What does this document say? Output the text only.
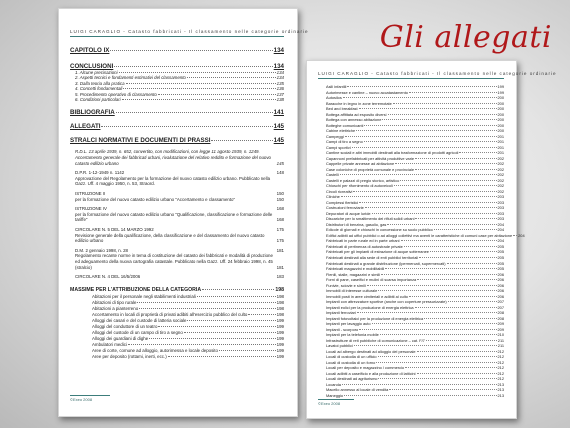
Gli allegati
LUIGI CARAGLIO - Catasto fabbricati - Il classamento nelle categorie ordinarie
CAPITOLO IX	134
CONCLUSIONI	134
1. Alcune precisazioni	134
2. Aspetti tecnici e fondamenti estimativi del classamento	134
3. Dalla teoria alla pratica	135
4. Concetti fondamentali	136
5. Procedimento operativo di classamento	137
6. Condizioni particolari	138
BIBLIOGRAFIA	141
ALLEGATI	145
STRALCI NORMATIVI E DOCUMENTI DI PRASSI	145
R.D.L. 13 aprile 1939, n. 652, convertito, con modificazioni, con legge 11 agosto 1939, n. 1249. Accertamento generale dei fabbricati urbani, rivalutazione del relativo reddito e formazione del nuovo catasto edilizio urbano	145
D.P.R. 1-12-1949 n. 1142	148
Approvazione del Regolamento per la formazione del nuovo catasto edilizio urbano. Pubblicato nella Gazz. Uff. 4 maggio 1950, n. 53, Straord.
ISTRUZIONE II	150
per la formazione del nuovo catasto edilizio urbano "Accertamento e classamento"	150
ISTRUZIONE IV	168
per la formazione del nuovo catasto edilizio urbano "Qualificazione, classificazione e formazione delle tariffe"	168
CIRCOLARE N. 5 DEL 14 MARZO 1992	175
Revisione generale della qualificazione, della classificazione e del classamento del nuovo catasto edilizio urbano	175
D.M. 2 gennaio 1998, n. 28	181
Regolamento recante norme in tema di costituzione del catasto dei fabbricati e modalità di produzione ed adeguamento della nuova cartografia catastale. Pubblicato nella Gazz. Uff. 24 febbraio 1998, n. 45 (stralcio)	181
CIRCOLARE N. 4 DEL 16/5/2006	183
MASSIME PER L'ATTRIBUZIONE DELLA CATEGORIA	198
Abitazioni per il personale negli stabilimenti industriali	198
Abitazioni di tipo rurale	198
Abitazioni a pianterreno	198
Accertamento in locali di proprietà di privati adibiti all'esercizio pubblico del culto	198
Alloggi dei casari e del custode di latteria sociale	199
Alloggi del conduttore di un teatro	199
Alloggi del custode di un campo di tiro a segno	199
Alloggi dei guardiani di dighe	199
Ambulatori medici	199
Aree di corte, comune ad alloggio, autorimessa e locale deposito	199
Aree per deposito (rottami, inerti, ecc.)	199
©Exeo 2008
LUIGI CARAGLIO - Catasto fabbricati - Il classamento nelle categorie ordinarie
Asili infantili	199
Autorimesse e cantine – nuovo accatastamento	199
Autosilos	200
Baracche in legno in zone terremotate	200
Bed and breakfast	200
Bottega affittata ad esposito diversi	200
Bottega con annesso abitazione	200
Botteghe comunicanti	200
Cabine elettriche	200
Campeggi	201
Campi di tiro a segno	201
Campi sportivi	201
Cantine sociali e altri immobili destinati alla trasformazione di prodotti agricoli	201
Capannoni prefabbricati per attività produttive varie	202
Cappelle private annesse ad abitazione	202
Case coloniche di proprietà comunale e provinciale	202
Castelli	202
Castelli e palazzi di pregio storico, artistico	202
Chioschi per rifornimento di autoveicoli	202
Circoli ricreativi	202
Cliniche	203
Complessi fieristici	203
Costruzioni ferroviarie	203
Depuratori di acque luride	203
Discariche per lo smaltimento dei rifiuti solidi urbani	203
Distributori di benzina, gasolio, gas	204
Edicole di giornali e chioschi in concessione su suolo pubblico	204
Edifici adibiti ad uffici pubblici o ad alloggi collettivi ma aventi le caratteristiche di comuni case per abitazione 204
Fabbricati in parte rurale ed in parte urbani	204
Fabbricati di pertinenza di autostrade private	205
Fabbricati per gli impianti di estrazione di acque sotterranee	205
Fabbricati destinati alla sede di enti pubblici territoriali	205
Fabbricati destinati a grande distribuzione (ipermercati, supermercati)	205
Fabbricati magazzini e mobilitabili	205
Fienili, stalle, magazzini e simili	206
Forni di pane, caseifici e mulini di scarsa importanza	206
Funivie, sciovie e simili	206
Immobili di interesse culturale	206
Immobili posti in aree cimiteriali e adibiti al culto	206
Impianti con attrezzature sportive (anche con coperture pressurizzate)	207
Impianti eolici per la produzione di energia elettrica	207
Impianti ferroviari	208
Impianti fotovoltaici per la produzione di energia elettrica	208
Impianti per lavaggio auto	209
Impianti - scorporo	209
Impianti per la telefonia mobile	210
Infrastrutture di reti pubbliche di comunicazione – cat. F/7	211
Lavatoi pubblici	211
Locali ad albergo destinati ad alloggio del personale	212
Locali di custodia di un ufficio	212
Locali di custodia di un forno	212
Locali per deposito e magazzino / commercio	212
Locali adibiti a caseificio e alla produzione di latticini	212
Locali destinati ad agriturismo	212
Locanda	213
Macello annesso al locale di vendita	213
Maneggio	213
©Exeo 2008
